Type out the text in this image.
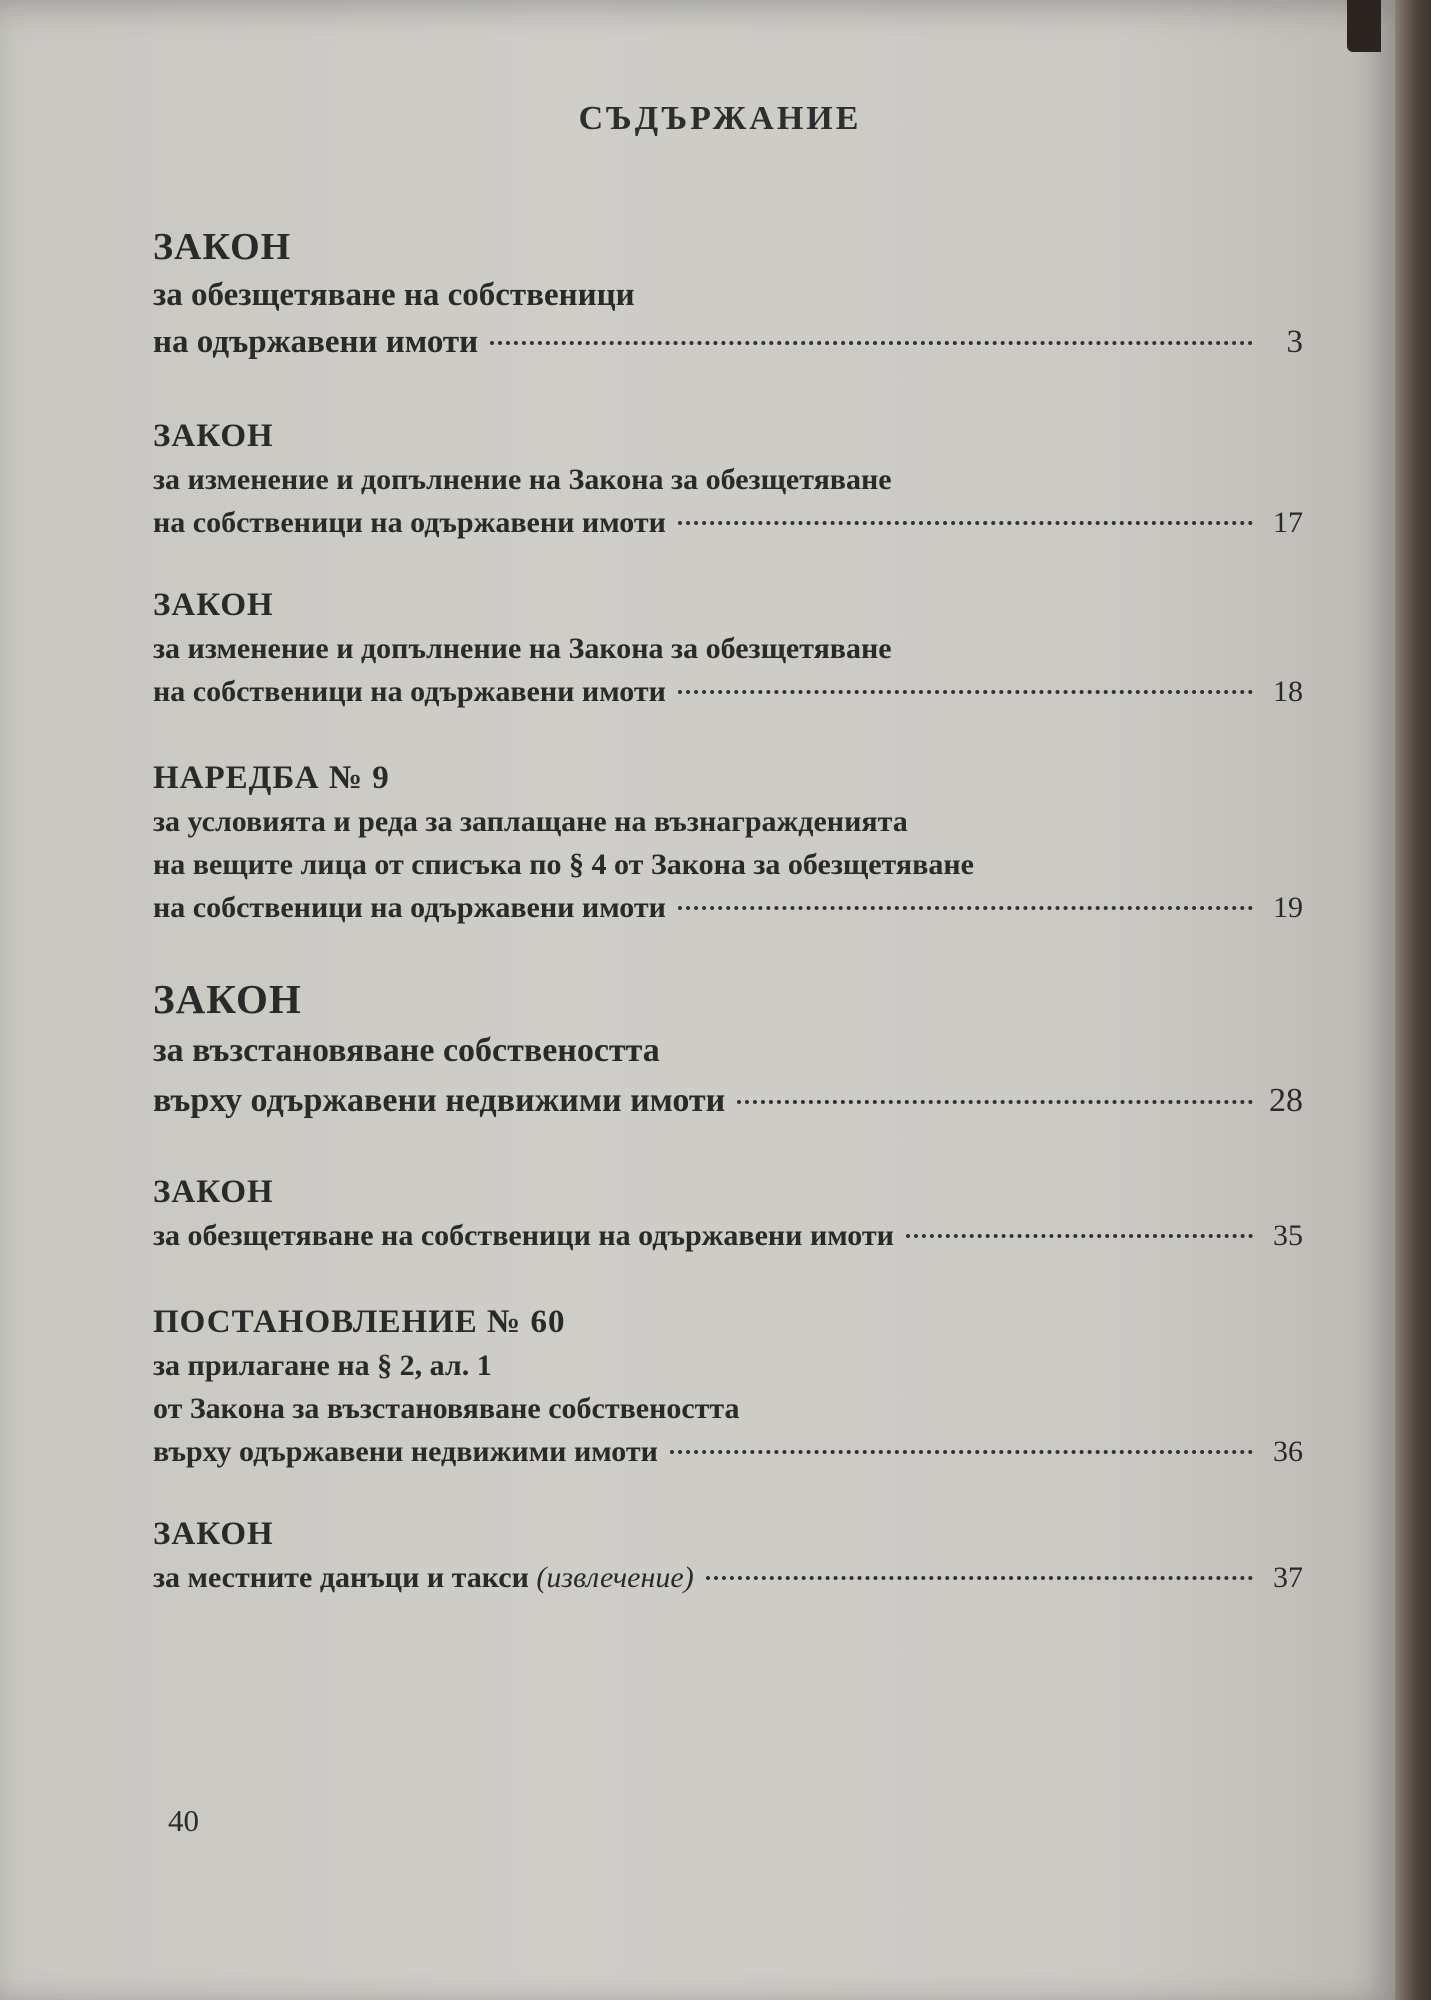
СЪДЪРЖАНИЕ
ЗАКОН
за обезщетяване на собственици
на одържавени имоти	3
ЗАКОН
за изменение и допълнение на Закона за обезщетяване
на собственици на одържавени имоти	17
ЗАКОН
за изменение и допълнение на Закона за обезщетяване
на собственици на одържавени имоти	18
НАРЕДБА № 9
за условията и реда за заплащане на възнагражденията
на вещите лица от списъка по § 4 от Закона за обезщетяване
на собственици на одържавени имоти	19
ЗАКОН
за възстановяване собствеността
върху одържавени недвижими имоти	28
ЗАКОН
за обезщетяване на собственици на одържавени имоти	35
ПОСТАНОВЛЕНИЕ № 60
за прилагане на § 2, ал. 1
от Закона за възстановяване собствеността
върху одържавени недвижими имоти	36
ЗАКОН
за местните данъци и такси (извлечение)	37
40
